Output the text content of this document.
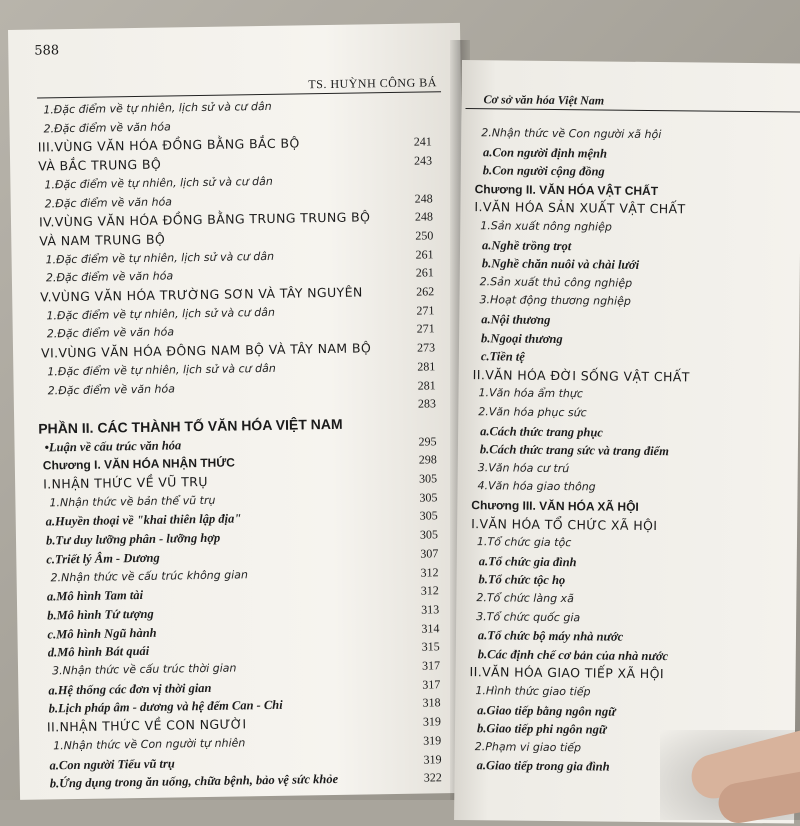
588
TS. HUỲNH CÔNG BÁ
1.Đặc điểm về tự nhiên, lịch sử và cư dân
2.Đặc điểm về văn hóa
III.VÙNG VĂN HÓA ĐỒNG BẰNG BẮC BỘ	241
VÀ BẮC TRUNG BỘ	243
1.Đặc điểm về tự nhiên, lịch sử và cư dân
2.Đặc điểm về văn hóa	248
IV.VÙNG VĂN HÓA ĐỒNG BẰNG TRUNG TRUNG BỘ	248
VÀ NAM TRUNG BỘ	250
1.Đặc điểm về tự nhiên, lịch sử và cư dân	261
2.Đặc điểm về văn hóa	261
V.VÙNG VĂN HÓA TRƯỜNG SƠN VÀ TÂY NGUYÊN	262
1.Đặc điểm về tự nhiên, lịch sử và cư dân	271
2.Đặc điểm về văn hóa	271
VI.VÙNG VĂN HÓA ĐÔNG NAM BỘ VÀ TÂY NAM BỘ	273
1.Đặc điểm về tự nhiên, lịch sử và cư dân	281
2.Đặc điểm về văn hóa	281
283
PHẦN II. CÁC THÀNH TỐ VĂN HÓA VIỆT NAM
•Luận về cấu trúc văn hóa	295
Chương I. VĂN HÓA NHẬN THỨC	298
I.NHẬN THỨC VỀ VŨ TRỤ	305
1.Nhận thức về bản thể vũ trụ	305
a.Huyền thoại về "khai thiên lập địa"	305
b.Tư duy lưỡng phân - lưỡng hợp	305
c.Triết lý Âm - Dương	307
2.Nhận thức về cấu trúc không gian	312
a.Mô hình Tam tài	312
b.Mô hình Tứ tượng	313
c.Mô hình Ngũ hành	314
d.Mô hình Bát quái	315
3.Nhận thức về cấu trúc thời gian	317
a.Hệ thống các đơn vị thời gian	317
b.Lịch pháp âm - dương và hệ đếm Can - Chi	318
II.NHẬN THỨC VỀ CON NGƯỜI	319
1.Nhận thức về Con người tự nhiên	319
a.Con người Tiểu vũ trụ	319
b.Ứng dụng trong ăn uống, chữa bệnh, bảo vệ sức khỏe	322
Cơ sở văn hóa Việt Nam
2.Nhận thức về Con người xã hội
a.Con người định mệnh
b.Con người cộng đồng
Chương II. VĂN HÓA VẬT CHẤT
I.VĂN HÓA SẢN XUẤT VẬT CHẤT
1.Sản xuất nông nghiệp
a.Nghề trồng trọt
b.Nghề chăn nuôi và chài lưới
2.Sản xuất thủ công nghiệp
3.Hoạt động thương nghiệp
a.Nội thương
b.Ngoại thương
c.Tiền tệ
II.VĂN HÓA ĐỜI SỐNG VẬT CHẤT
1.Văn hóa ẩm thực
2.Văn hóa phục sức
a.Cách thức trang phục
b.Cách thức trang sức và trang điểm
3.Văn hóa cư trú
4.Văn hóa giao thông
Chương III. VĂN HÓA XÃ HỘI
I.VĂN HÓA TỔ CHỨC XÃ HỘI
1.Tổ chức gia tộc
a.Tổ chức gia đình
b.Tổ chức tộc họ
2.Tổ chức làng xã
3.Tổ chức quốc gia
a.Tổ chức bộ máy nhà nước
b.Các định chế cơ bản của nhà nước
II.VĂN HÓA GIAO TIẾP XÃ HỘI
1.Hình thức giao tiếp
a.Giao tiếp bằng ngôn ngữ
b.Giao tiếp phi ngôn ngữ
2.Phạm vi giao tiếp
a.Giao tiếp trong gia đình
